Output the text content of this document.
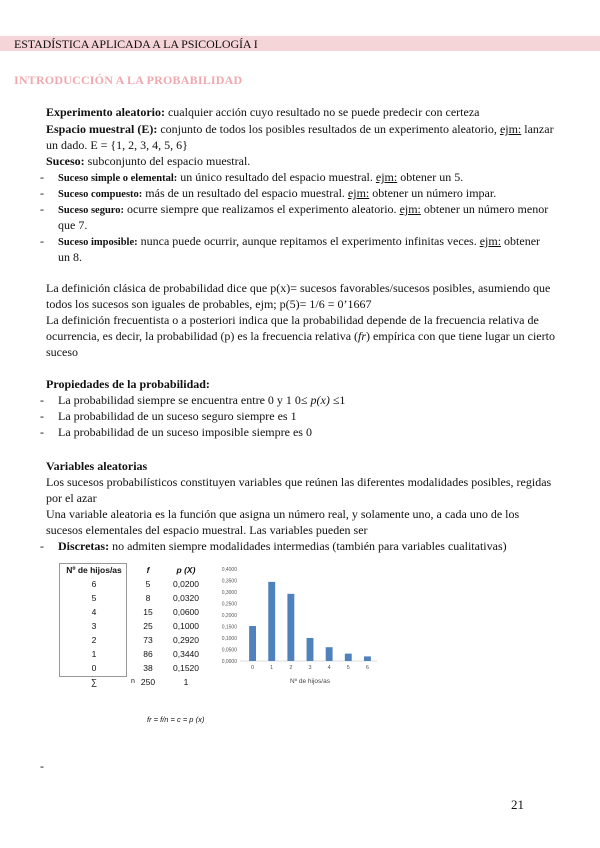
ESTADÍSTICA APLICADA A LA PSICOLOGÍA I
INTRODUCCIÓN A LA PROBABILIDAD
Experimento aleatorio: cualquier acción cuyo resultado no se puede predecir con certeza
Espacio muestral (E): conjunto de todos los posibles resultados de un experimento aleatorio, ejm: lanzar
un dado. E = {1, 2, 3, 4, 5, 6}
Suceso: subconjunto del espacio muestral.
- Suceso simple o elemental: un único resultado del espacio muestral. ejm: obtener un 5.
- Suceso compuesto: más de un resultado del espacio muestral. ejm: obtener un número impar.
- Suceso seguro: ocurre siempre que realizamos el experimento aleatorio. ejm: obtener un número menor
que 7.
- Suceso imposible: nunca puede ocurrir, aunque repitamos el experimento infinitas veces. ejm: obtener
un 8.
La definición clásica de probabilidad dice que p(x)= sucesos favorables/sucesos posibles, asumiendo que
todos los sucesos son iguales de probables, ejm; p(5)= 1/6 = 0’1667
La definición frecuentista o a posteriori indica que la probabilidad depende de la frecuencia relativa de
ocurrencia, es decir, la probabilidad (p) es la frecuencia relativa (fr) empírica con que tiene lugar un cierto
suceso
Propiedades de la probabilidad:
- La probabilidad siempre se encuentra entre 0 y 1 0≤ p(x) ≤1
- La probabilidad de un suceso seguro siempre es 1
- La probabilidad de un suceso imposible siempre es 0
Variables aleatorias
Los sucesos probabilísticos constituyen variables que reúnen las diferentes modalidades posibles, regidas
por el azar
Una variable aleatoria es la función que asigna un número real, y solamente uno, a cada uno de los
sucesos elementales del espacio muestral. Las variables pueden ser
- Discretas: no admiten siempre modalidades intermedias (también para variables cualitativas)
Nº de hijos/as	f	p (X)
6	5	0,0200
5	8	0,0320
4	15	0,0600
3	25	0,1000
2	73	0,2920
1	86	0,3440
0	38	0,1520
∑	n 250	1
0,0000
0,0500
0,1000
0,1500
0,2000
0,2500
0,3000
0,3500
0,4000
0	1	2	3	4	5	6
Nº de hijos/as
fr = f/n = c = p (x)
-
21
